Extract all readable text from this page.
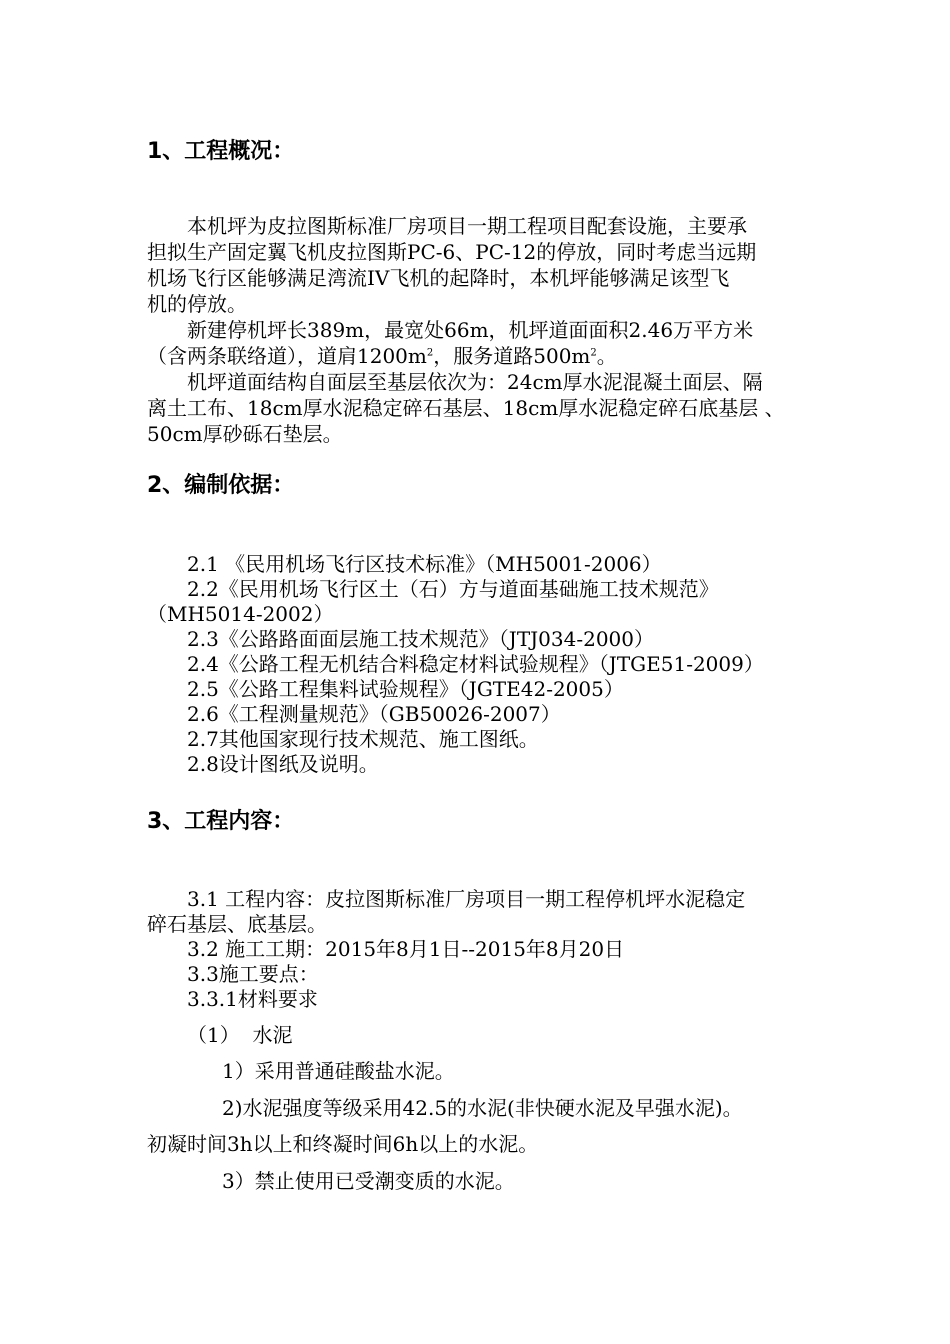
1、工程概况：
本机坪为皮拉图斯标准厂房项目一期工程项目配套设施，主要承
担拟生产固定翼飞机皮拉图斯PC-6、PC-12的停放，同时考虑当远期
机场飞行区能够满足湾流IV飞机的起降时，本机坪能够满足该型飞
机的停放。
新建停机坪长389m，最宽处66m，机坪道面面积2.46万平方米
（含两条联络道），道肩$1200m^2$，服务道路$500m^2$。
机坪道面结构自面层至基层依次为：24cm厚水泥混凝土面层、隔
离土工布、18cm厚水泥稳定碎石基层、18cm厚水泥稳定碎石底基层 、
50cm厚砂砾石垫层。
2、编制依据：
2.1 《民用机场飞行区技术标准》（MH5001-2006）
2.2《民用机场飞行区土（石）方与道面基础施工技术规范》
（MH5014-2002）
2.3《公路路面面层施工技术规范》（JTJ034-2000）
2.4《公路工程无机结合料稳定材料试验规程》（JTGE51-2009）
2.5《公路工程集料试验规程》（JGTE42-2005）
2.6《工程测量规范》（GB50026-2007）
2.7其他国家现行技术规范、施工图纸。
2.8设计图纸及说明。
3、工程内容：
3.1 工程内容：皮拉图斯标准厂房项目一期工程停机坪水泥稳定
碎石基层、底基层。
3.2 施工工期：2015年8月1日--2015年8月20日
3.3施工要点：
3.3.1材料要求
（1）  水泥
1）采用普通硅酸盐水泥。
2)水泥强度等级采用42.5的水泥(非快硬水泥及早强水泥)。
初凝时间3h以上和终凝时间6h以上的水泥。
3）禁止使用已受潮变质的水泥。
